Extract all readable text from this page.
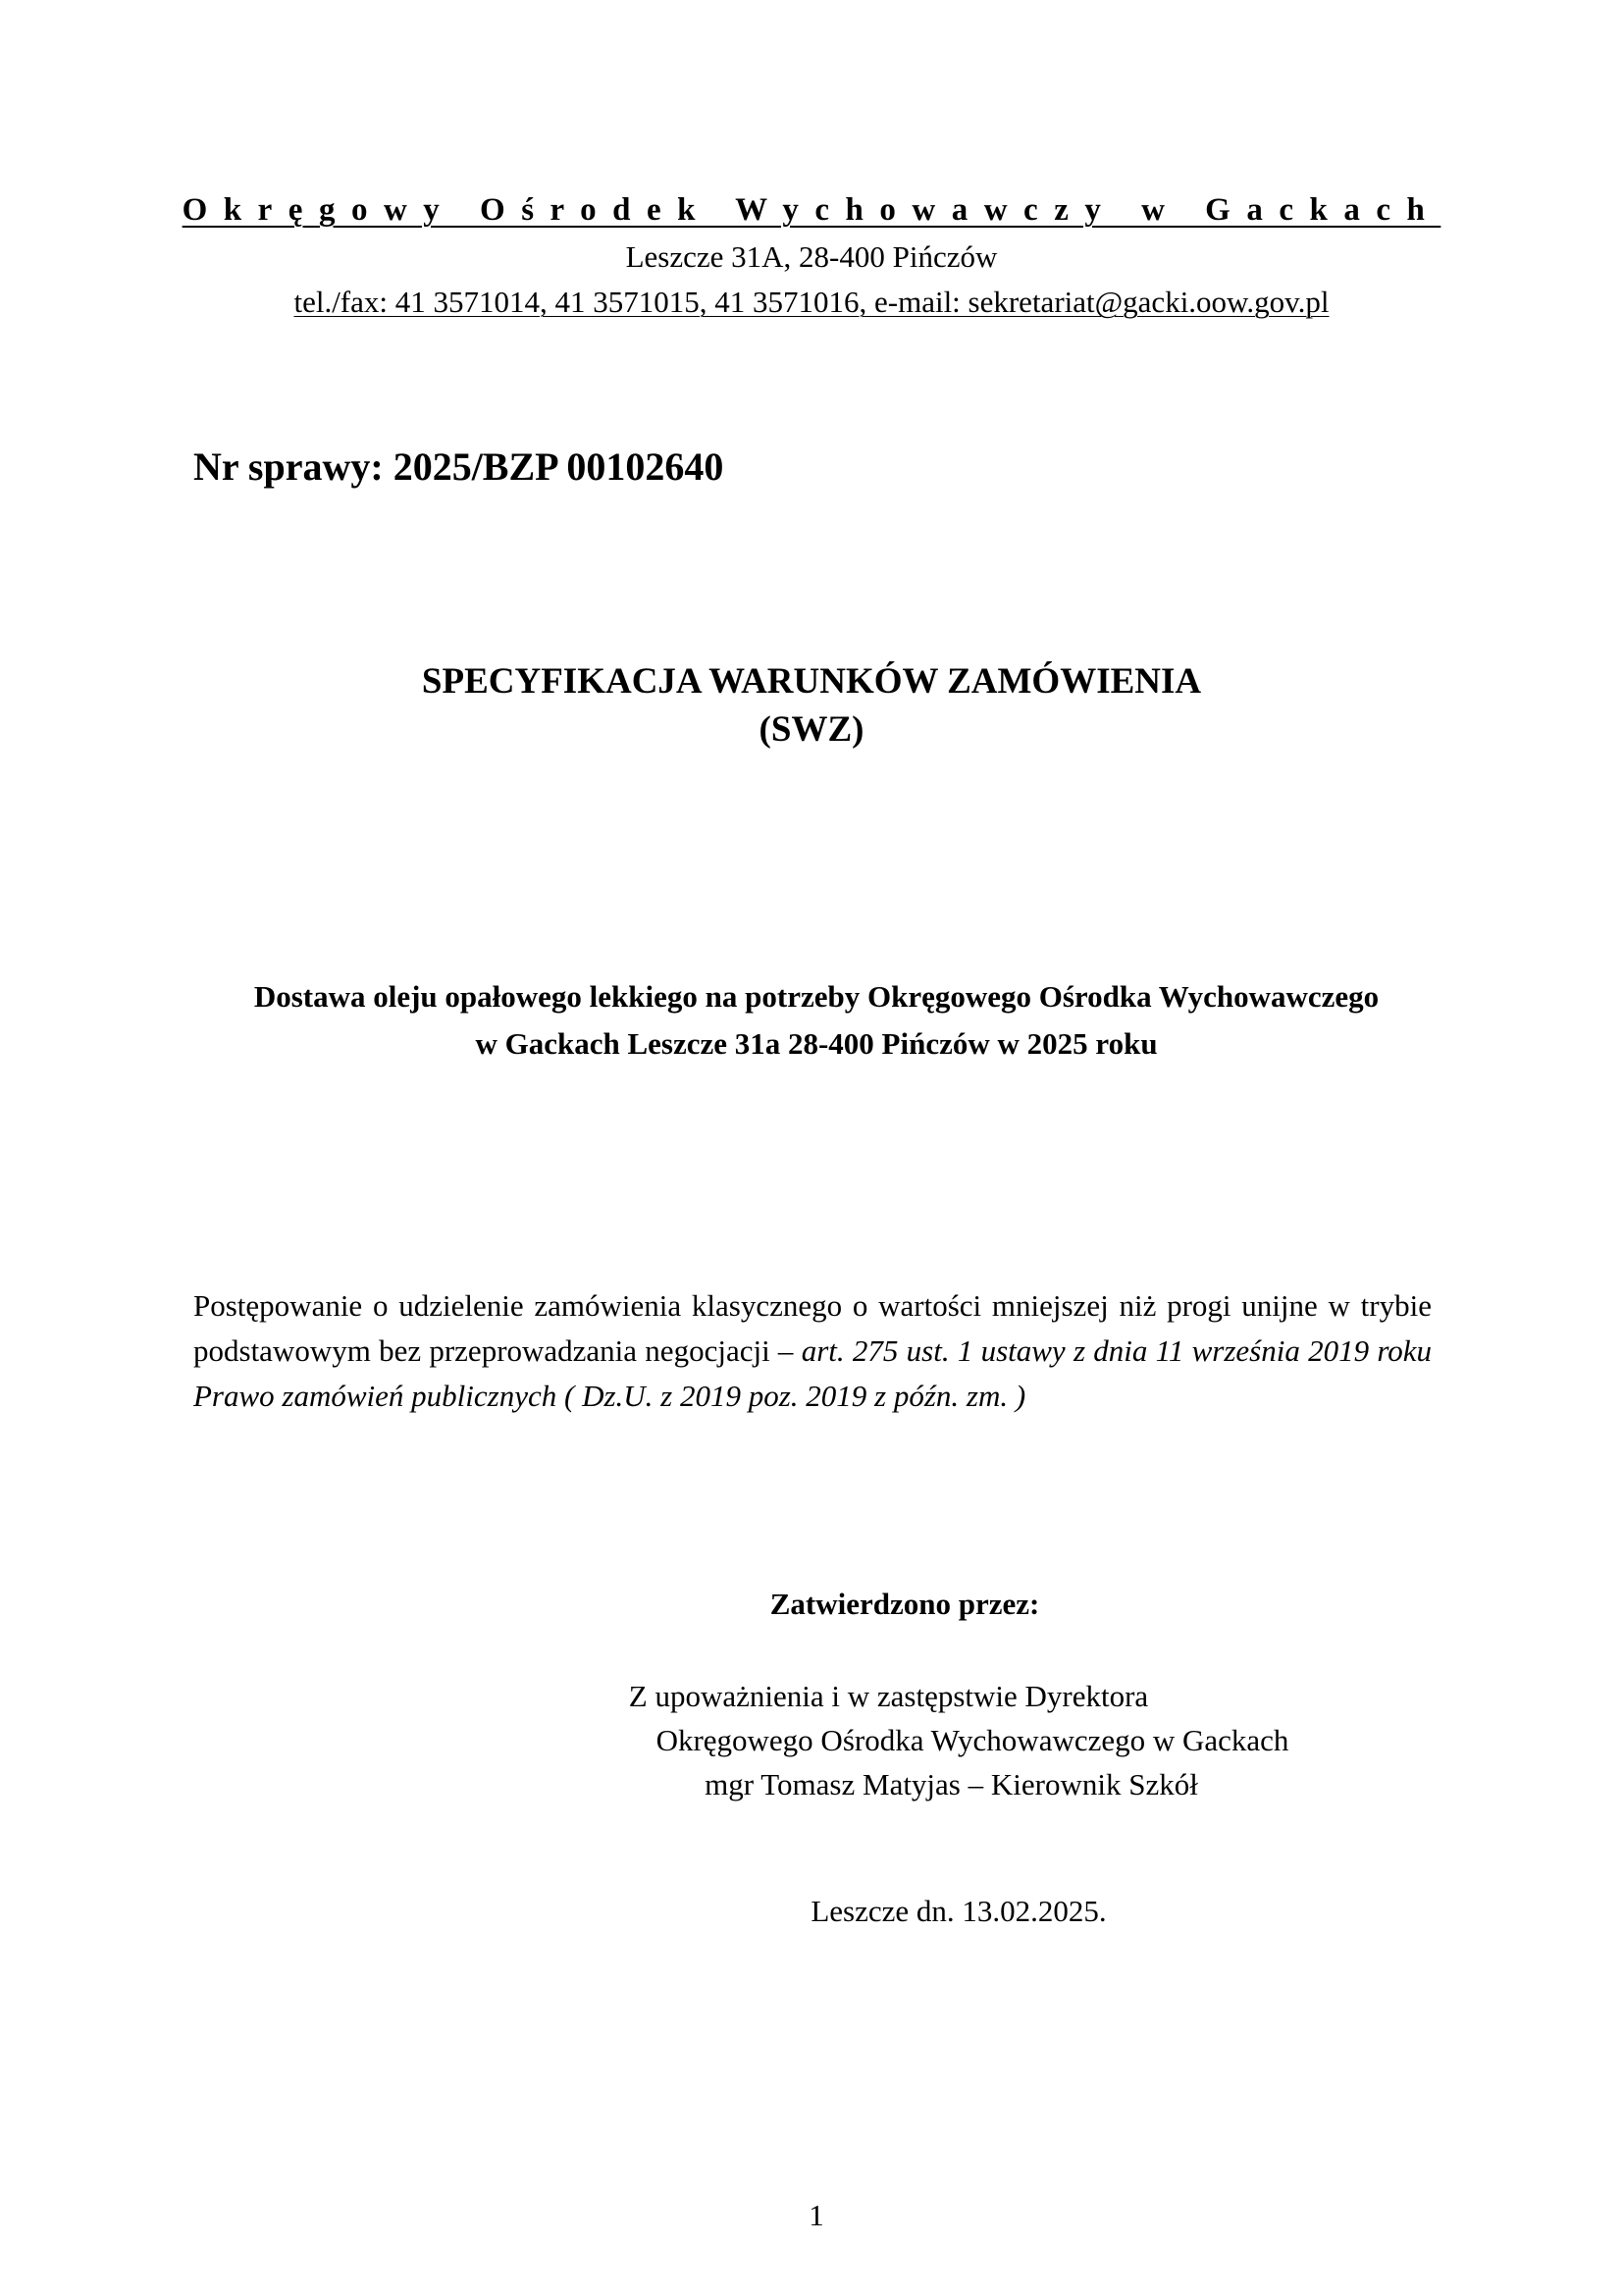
Okręgowy Ośrodek Wychowawczy w Gackach
Leszcze 31A, 28-400 Pińczów
tel./fax: 41 3571014, 41 3571015, 41 3571016, e-mail: sekretariat@gacki.oow.gov.pl
Nr sprawy: 2025/BZP 00102640
SPECYFIKACJA WARUNKÓW ZAMÓWIENIA
(SWZ)
Dostawa oleju opałowego lekkiego na potrzeby Okręgowego Ośrodka Wychowawczego
w Gackach Leszcze 31a 28-400 Pińczów w 2025 roku
Postępowanie o udzielenie zamówienia klasycznego o wartości mniejszej niż progi unijne w trybie podstawowym bez przeprowadzania negocjacji – art. 275 ust. 1 ustawy z dnia 11 września 2019 roku Prawo zamówień publicznych ( Dz.U. z 2019 poz. 2019 z późn. zm. )
Zatwierdzono przez:
Z upoważnienia i w zastępstwie Dyrektora
Okręgowego Ośrodka Wychowawczego w Gackach
mgr Tomasz Matyjas – Kierownik Szkół
Leszcze dn. 13.02.2025.
1
